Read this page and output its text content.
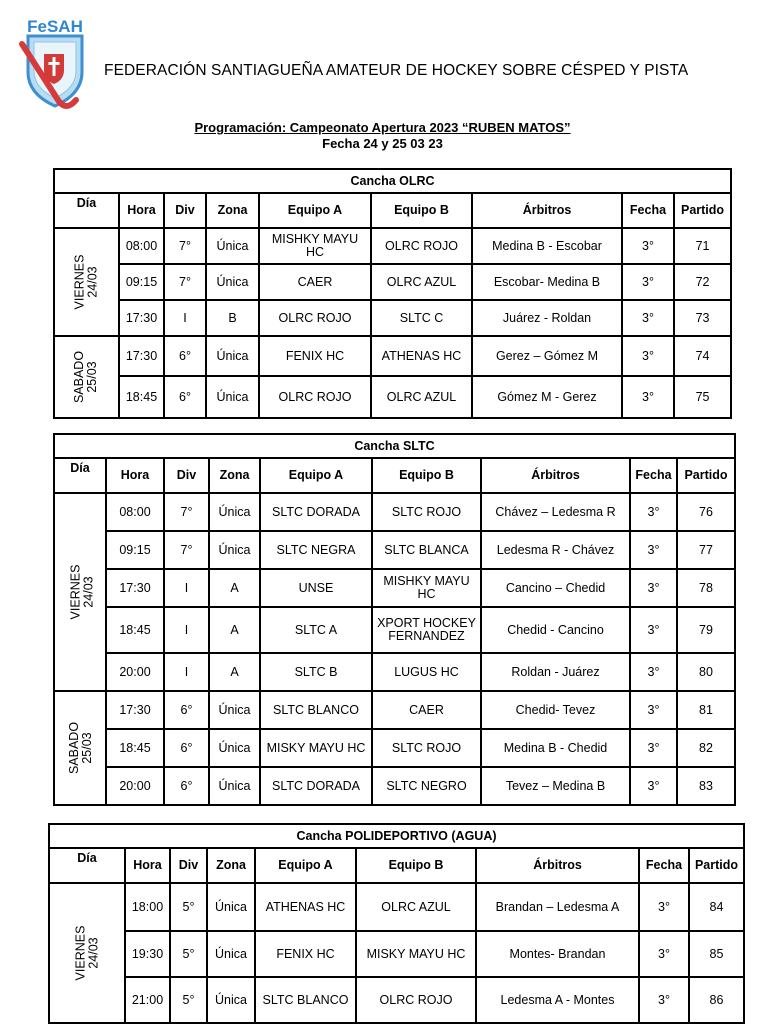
FeSAH
FEDERACIÓN SANTIAGUEÑA AMATEUR DE HOCKEY SOBRE CÉSPED Y PISTA
Programación: Campeonato Apertura 2023 “RUBEN MATOS”
Fecha 24 y 25 03 23
Cancha OLRC								
Día	Hora	Div	Zona	Equipo A	Equipo B	Árbitros	Fecha	Partido
VIERNES
24/03	08:00	7°	Única	MISHKY MAYU HC	OLRC ROJO	Medina B - Escobar	3°	71
	09:15	7°	Única	CAER	OLRC AZUL	Escobar- Medina B	3°	72
	17:30	I	B	OLRC ROJO	SLTC C	Juárez - Roldan	3°	73
SABADO
25/03	17:30	6°	Única	FENIX HC	ATHENAS HC	Gerez – Gómez M	3°	74
	18:45	6°	Única	OLRC ROJO	OLRC AZUL	Gómez M - Gerez	3°	75
Cancha SLTC								
Día	Hora	Div	Zona	Equipo A	Equipo B	Árbitros	Fecha	Partido
VIERNES
24/03	08:00	7°	Única	SLTC DORADA	SLTC ROJO	Chávez – Ledesma R	3°	76
	09:15	7°	Única	SLTC NEGRA	SLTC BLANCA	Ledesma R - Chávez	3°	77
	17:30	I	A	UNSE	MISHKY MAYU HC	Cancino – Chedid	3°	78
	18:45	I	A	SLTC A	XPORT HOCKEY FERNANDEZ	Chedid - Cancino	3°	79
	20:00	I	A	SLTC B	LUGUS HC	Roldan - Juárez	3°	80
SABADO
25/03	17:30	6°	Única	SLTC BLANCO	CAER	Chedid- Tevez	3°	81
	18:45	6°	Única	MISKY MAYU HC	SLTC ROJO	Medina B - Chedid	3°	82
	20:00	6°	Única	SLTC DORADA	SLTC NEGRO	Tevez – Medina B	3°	83
Cancha POLIDEPORTIVO (AGUA)								
Día	Hora	Div	Zona	Equipo A	Equipo B	Árbitros	Fecha	Partido
VIERNES
24/03	18:00	5°	Única	ATHENAS HC	OLRC AZUL	Brandan – Ledesma A	3°	84
	19:30	5°	Única	FENIX HC	MISKY MAYU HC	Montes- Brandan	3°	85
	21:00	5°	Única	SLTC BLANCO	OLRC ROJO	Ledesma A - Montes	3°	86
